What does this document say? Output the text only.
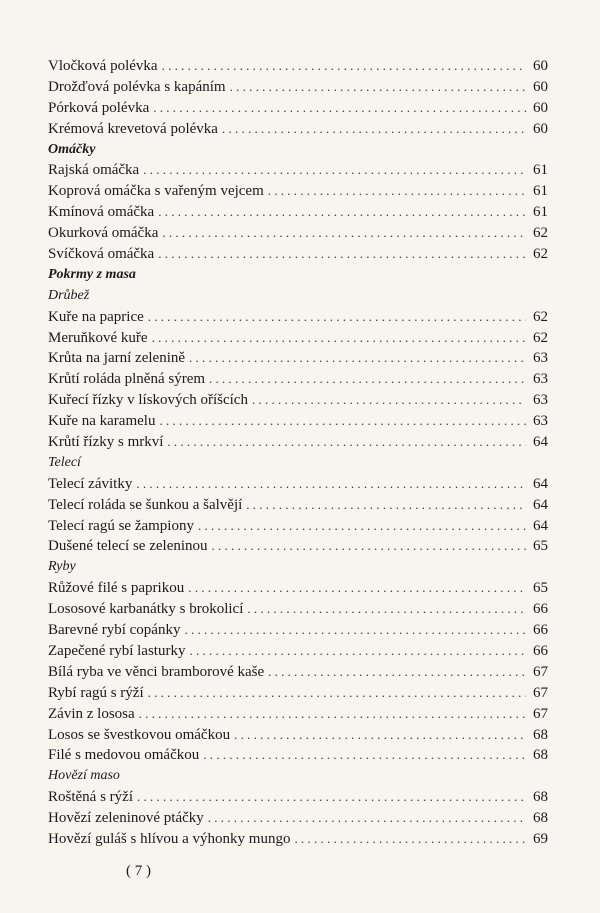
Vločková polévka . . .	60
Drožďová polévka s kapáním . . .	60
Pórková polévka . . .	60
Krémová krevetová polévka . . .	60
Omáčky
Rajská omáčka . . .	61
Koprová omáčka s vařeným vejcem . . .	61
Kmínová omáčka . . .	61
Okurková omáčka . . .	62
Svíčková omáčka . . .	62
Pokrmy z masa
Drůbež
Kuře na paprice . . .	62
Meruňkové kuře . . .	62
Krůta na jarní zelenině . . .	63
Krůtí roláda plněná sýrem . . .	63
Kuřecí řízky v lískových oříšcích . . .	63
Kuře na karamelu . . .	63
Krůtí řízky s mrkví . . .	64
Telecí
Telecí závitky . . .	64
Telecí roláda se šunkou a šalvějí . . .	64
Telecí ragú se žampiony . . .	64
Dušené telecí se zeleninou . . .	65
Ryby
Růžové filé s paprikou . . .	65
Lososové karbanátky s brokolicí . . .	66
Barevné rybí copánky . . .	66
Zapečené rybí lasturky . . .	66
Bílá ryba ve věnci bramborové kaše . . .	67
Rybí ragú s rýží . . .	67
Závin z lososa . . .	67
Losos se švestkovou omáčkou . . .	68
Filé s medovou omáčkou . . .	68
Hovězí maso
Roštěná s rýží . . .	68
Hovězí zeleninové ptáčky . . .	68
Hovězí guláš s hlívou a výhonky mungo . . .	69
( 7 )
